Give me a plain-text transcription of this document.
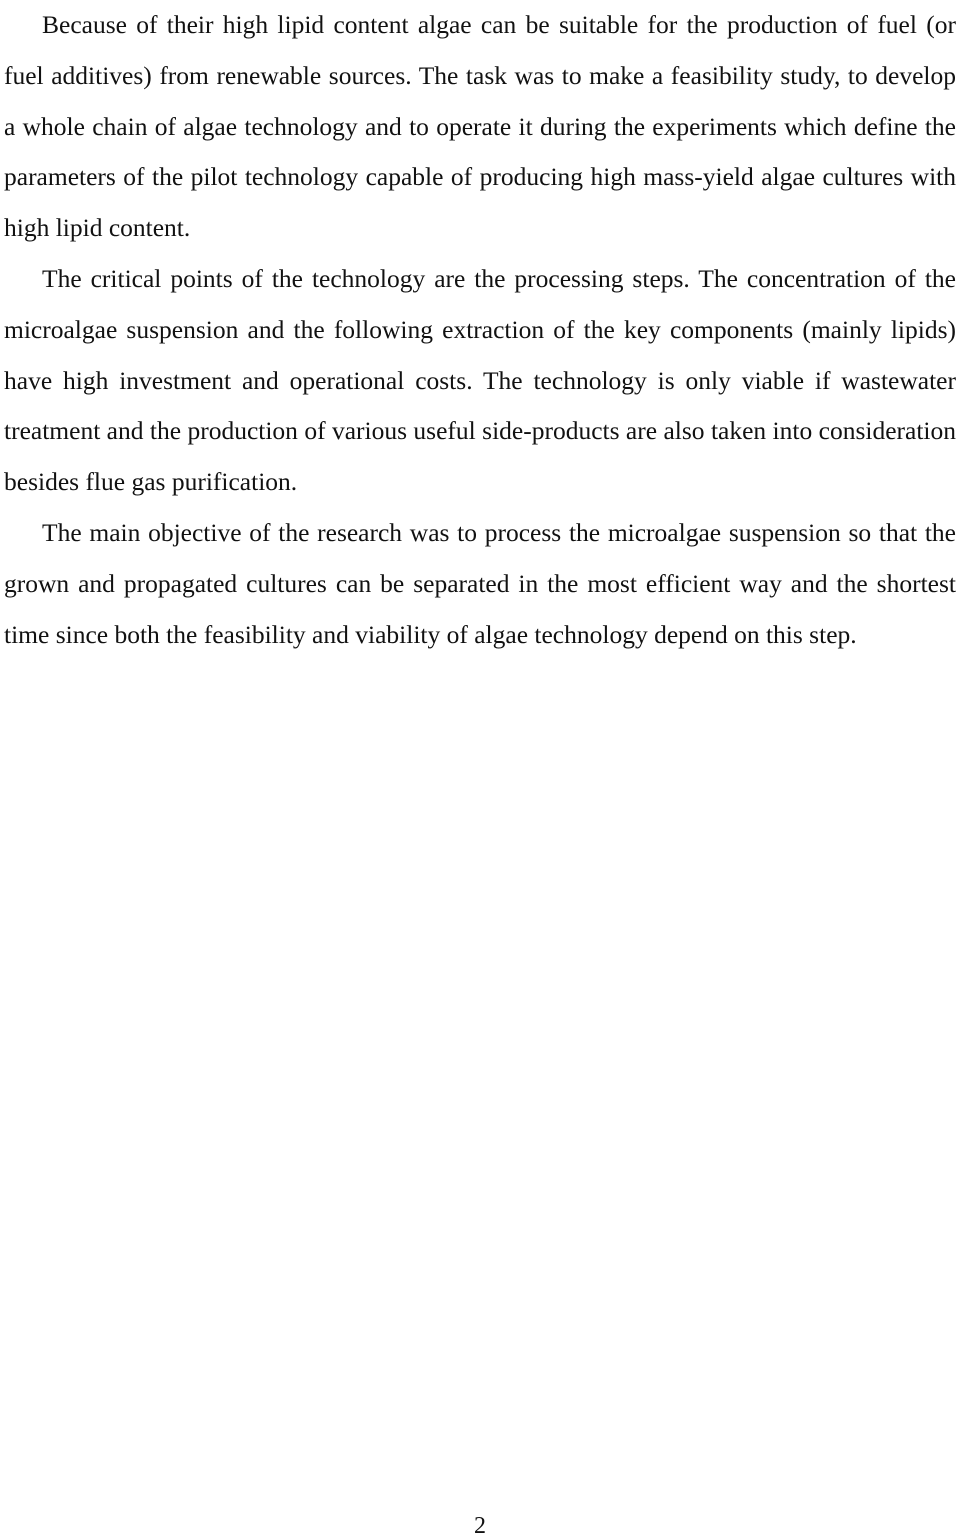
Because of their high lipid content algae can be suitable for the production of fuel (or fuel additives) from renewable sources. The task was to make a feasibility study, to develop a whole chain of algae technology and to operate it during the experiments which define the parameters of the pilot technology capable of producing high mass-yield algae cultures with high lipid content.

The critical points of the technology are the processing steps. The concentration of the microalgae suspension and the following extraction of the key components (mainly lipids) have high investment and operational costs. The technology is only viable if wastewater treatment and the production of various useful side-products are also taken into consideration besides flue gas purification.

The main objective of the research was to process the microalgae suspension so that the grown and propagated cultures can be separated in the most efficient way and the shortest time since both the feasibility and viability of algae technology depend on this step.

2
